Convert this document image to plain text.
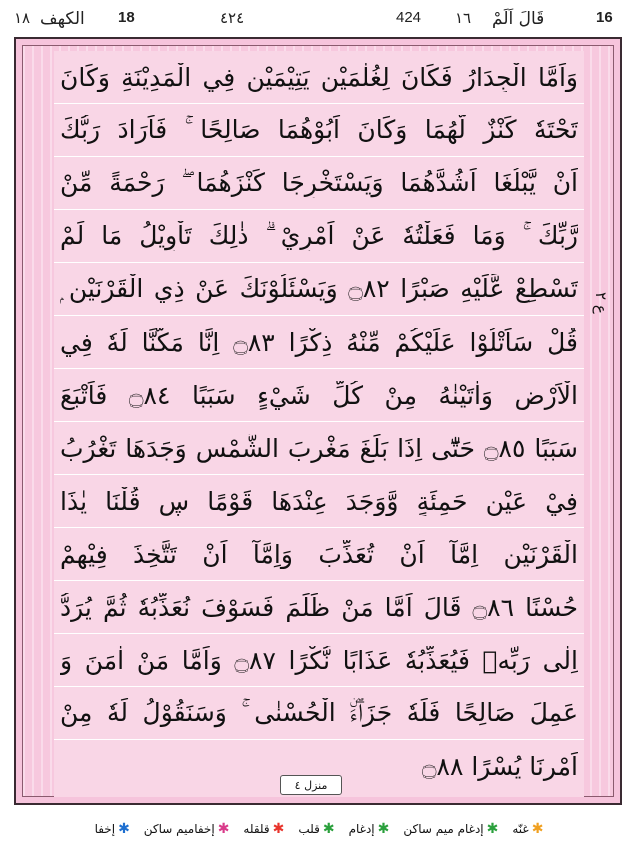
١٨ الكهف 18	٤٢٤	424 ١٦ قَالَ اَلَمْ	16
وَاَمَّا الْجِدَارُ فَكَانَ لِغُلٰمَيْنِ يَتِيْمَيْنِ فِي الْمَدِيْنَةِ وَكَانَ
تَحْتَهٗ كَنْزٌ لَّهُمَا وَكَانَ اَبُوْهُمَا صَالِحًا ۚ فَاَرَادَ رَبُّكَ
اَنْ يَّبْلُغَا اَشُدَّهُمَا وَيَسْتَخْرِجَا كَنْزَهُمَا ۖ رَحْمَةً مِّنْ
رَّبِّكَ ۚ وَمَا فَعَلْتُهٗ عَنْ اَمْرِيْ ۗ ذٰلِكَ تَاْوِيْلُ مَا لَمْ
تَسْطِعْ عَّلَيْهِ صَبْرًا ۝٨٢ وَيَسْئَلُوْنَكَ عَنْ ذِي الْقَرْنَيْنِ ۭ
قُلْ سَاَتْلُوْا عَلَيْكُمْ مِّنْهُ ذِكْرًا ۝٨٣ اِنَّا مَكَّنَّا لَهٗ فِي
الْاَرْضِ وَاٰتَيْنٰهُ مِنْ كُلِّ شَيْءٍ سَبَبًا ۝٨٤ فَاَتْبَعَ
سَبَبًا ۝٨٥ حَتّٰٓى اِذَا بَلَغَ مَغْرِبَ الشَّمْسِ وَجَدَهَا تَغْرُبُ
فِيْ عَيْنٍ حَمِئَةٍ وَّوَجَدَ عِنْدَهَا قَوْمًا ڛ قُلْنَا يٰذَا
الْقَرْنَيْنِ اِمَّآ اَنْ تُعَذِّبَ وَاِمَّآ اَنْ تَتَّخِذَ فِيْهِمْ
حُسْنًا ۝٨٦ قَالَ اَمَّا مَنْ ظَلَمَ فَسَوْفَ نُعَذِّبُهٗ ثُمَّ يُرَدُّ
اِلٰى رَبِّهٖ فَيُعَذِّبُهٗ عَذَابًا نُّكْرًا ۝٨٧ وَاَمَّا مَنْ اٰمَنَ وَ
عَمِلَ صَالِحًا فَلَهٗ جَزَاۗءَۨ الْحُسْنٰى ۚ وَسَنَقُوْلُ لَهٗ مِنْ
اَمْرِنَا يُسْرًا ۝٨٨
ع ٢
منزل ٤
✱
إخفا	✱
إخفاميم ساكن	✱
قلقله	✱
قلب	✱
إدغام	✱
إدغام ميم ساكن	✱
غنّه
